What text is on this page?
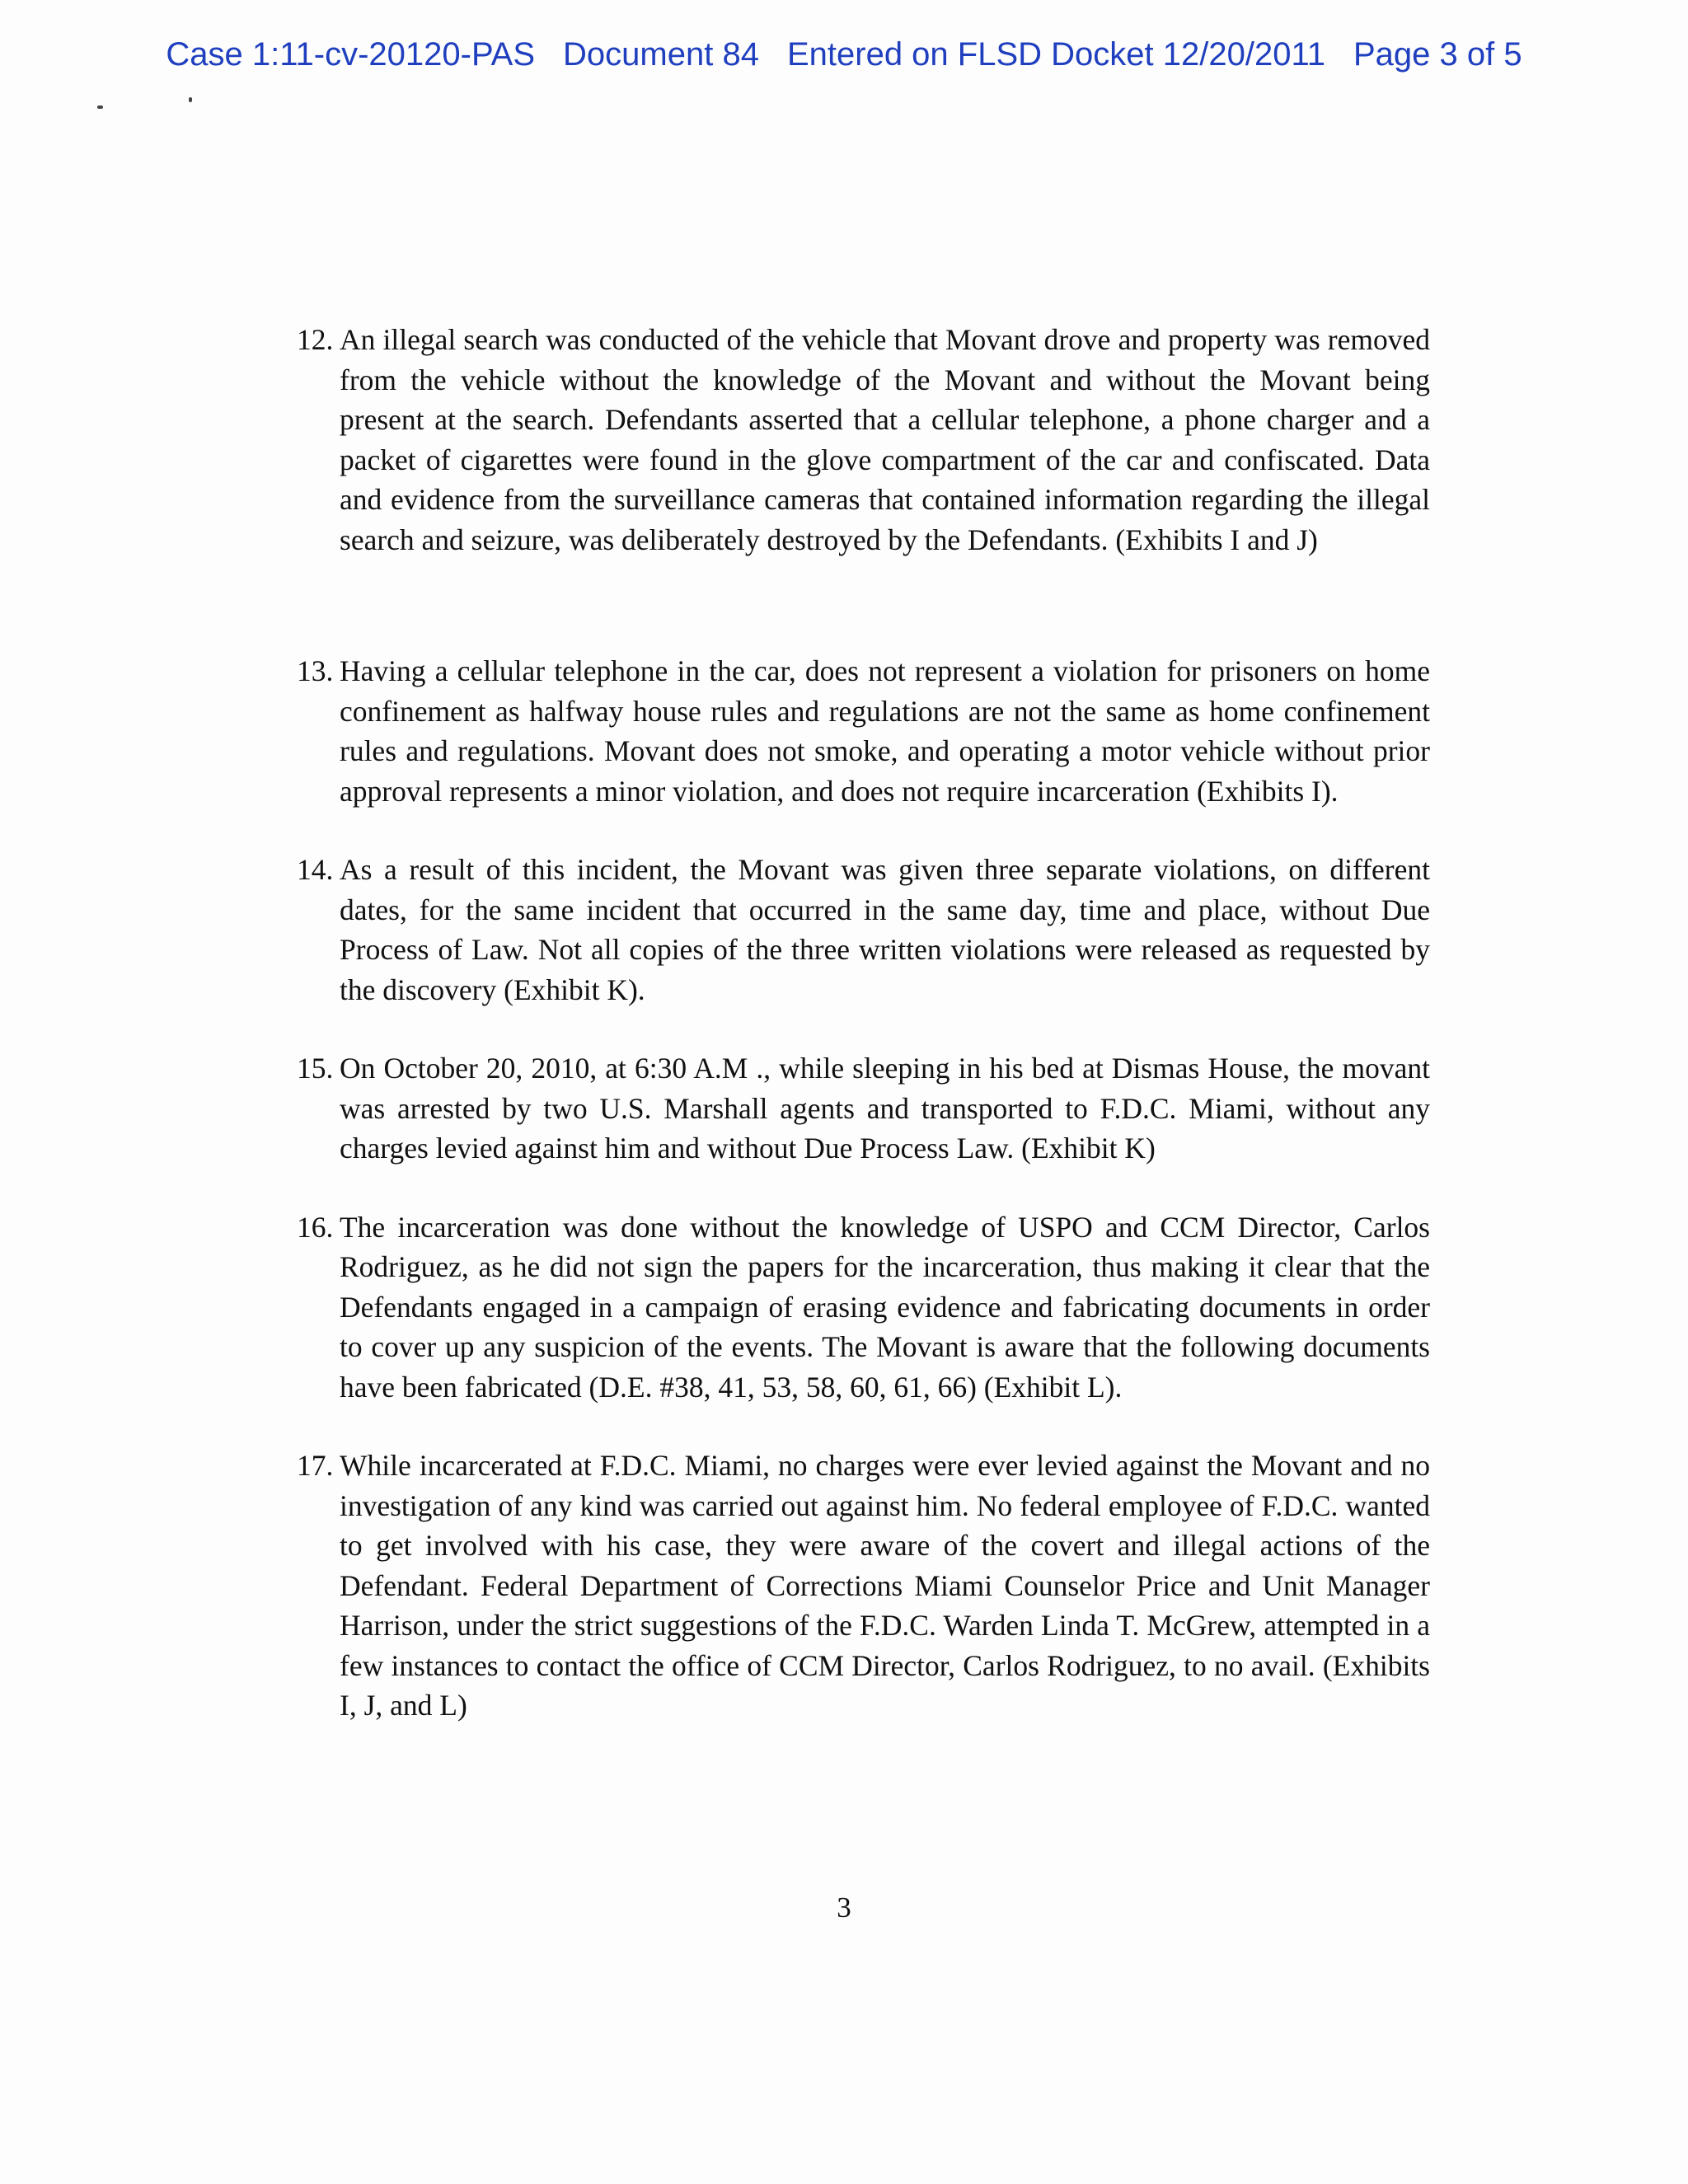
Case 1:11-cv-20120-PAS Document 84 Entered on FLSD Docket 12/20/2011 Page 3 of 5
12. An illegal search was conducted of the vehicle that Movant drove and property was removed from the vehicle without the knowledge of the Movant and without the Movant being present at the search. Defendants asserted that a cellular telephone, a phone charger and a packet of cigarettes were found in the glove compartment of the car and confiscated. Data and evidence from the surveillance cameras that contained information regarding the illegal search and seizure, was deliberately destroyed by the Defendants. (Exhibits I and J)
13. Having a cellular telephone in the car, does not represent a violation for prisoners on home confinement as halfway house rules and regulations are not the same as home confinement rules and regulations. Movant does not smoke, and operating a motor vehicle without prior approval represents a minor violation, and does not require incarceration (Exhibits I).
14. As a result of this incident, the Movant was given three separate violations, on different dates, for the same incident that occurred in the same day, time and place, without Due Process of Law. Not all copies of the three written violations were released as requested by the discovery (Exhibit K).
15. On October 20, 2010, at 6:30 A.M ., while sleeping in his bed at Dismas House, the movant was arrested by two U.S. Marshall agents and transported to F.D.C. Miami, without any charges levied against him and without Due Process Law. (Exhibit K)
16. The incarceration was done without the knowledge of USPO and CCM Director, Carlos Rodriguez, as he did not sign the papers for the incarceration, thus making it clear that the Defendants engaged in a campaign of erasing evidence and fabricating documents in order to cover up any suspicion of the events. The Movant is aware that the following documents have been fabricated (D.E. #38, 41, 53, 58, 60, 61, 66) (Exhibit L).
17. While incarcerated at F.D.C. Miami, no charges were ever levied against the Movant and no investigation of any kind was carried out against him. No federal employee of F.D.C. wanted to get involved with his case, they were aware of the covert and illegal actions of the Defendant. Federal Department of Corrections Miami Counselor Price and Unit Manager Harrison, under the strict suggestions of the F.D.C. Warden Linda T. McGrew, attempted in a few instances to contact the office of CCM Director, Carlos Rodriguez, to no avail. (Exhibits I, J, and L)
3
